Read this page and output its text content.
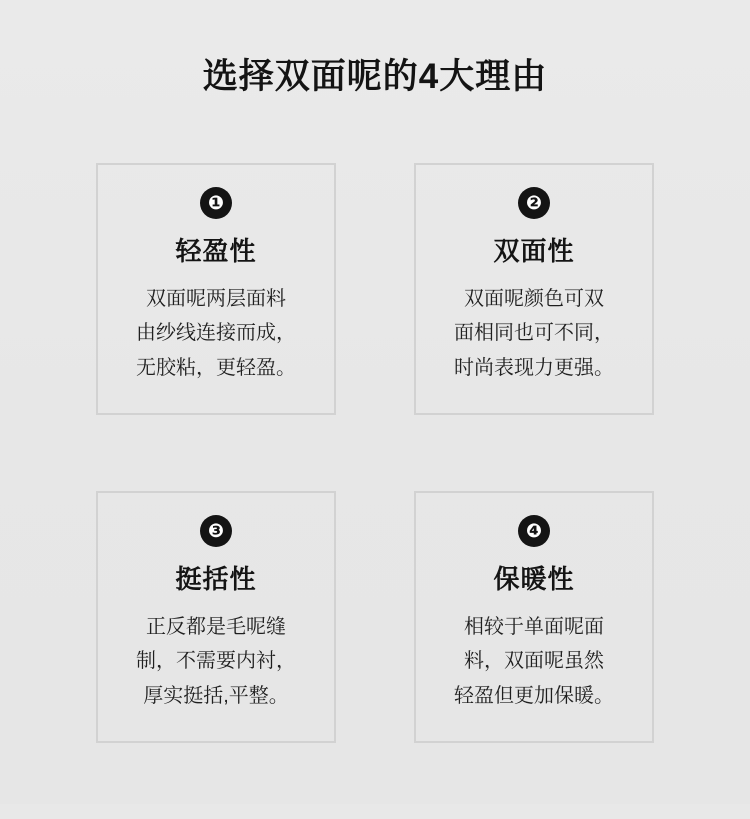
选择双面呢的4大理由
❶
轻盈性
双面呢两层面料
由纱线连接而成，
无胶粘，更轻盈。
❷
双面性
双面呢颜色可双
面相同也可不同，
时尚表现力更强。
❸
挺括性
正反都是毛呢缝
制，不需要内衬，
厚实挺括,平整。
❹
保暖性
相较于单面呢面
料，双面呢虽然
轻盈但更加保暖。
